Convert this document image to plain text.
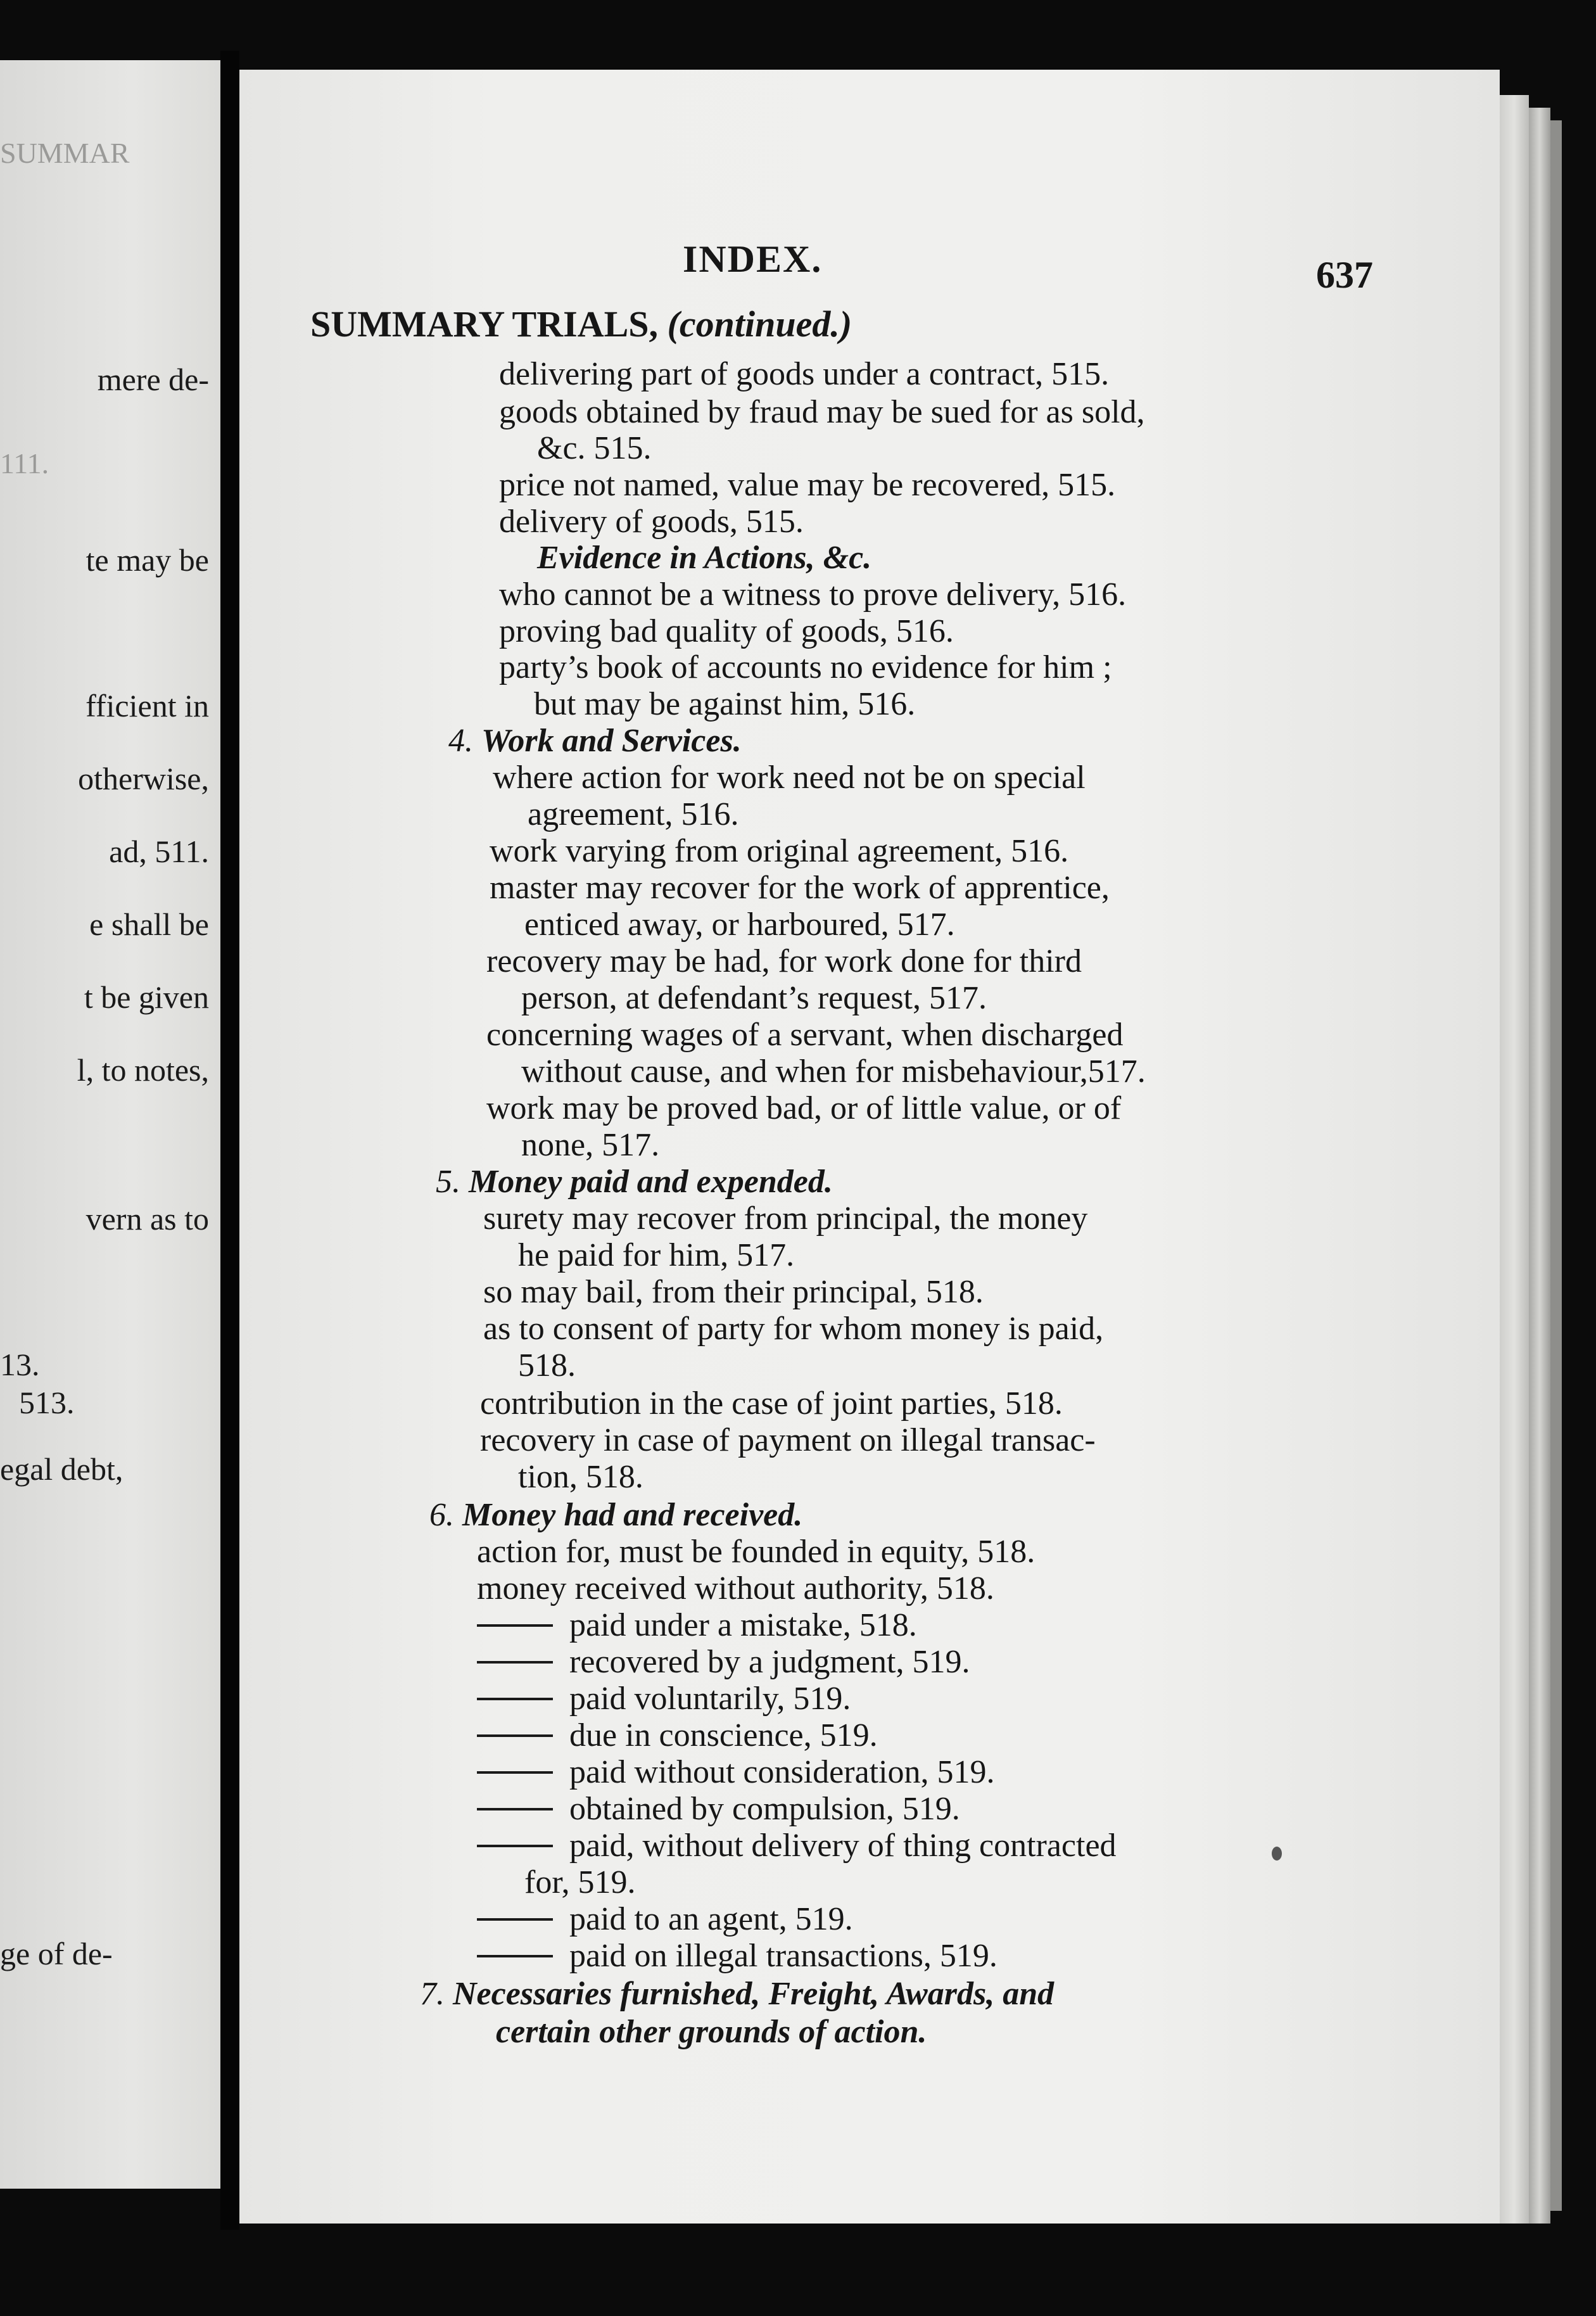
SUMMAR
mere de-
111.
te may be
fficient in
otherwise,
ad, 511.
e shall be
t be given
l, to notes,
vern as to
13.
513.
egal debt,
ge of de-
INDEX.	637
SUMMARY TRIALS, (continued.)
delivering part of goods under a contract, 515.
goods obtained by fraud may be sued for as sold,
&c. 515.
price not named, value may be recovered, 515.
delivery of goods, 515.
Evidence in Actions, &c.
who cannot be a witness to prove delivery, 516.
proving bad quality of goods, 516.
party’s book of accounts no evidence for him ;
but may be against him, 516.
4. Work and Services.
where action for work need not be on special
agreement, 516.
work varying from original agreement, 516.
master may recover for the work of apprentice,
enticed away, or harboured, 517.
recovery may be had, for work done for third
person, at defendant’s request, 517.
concerning wages of a servant, when discharged
without cause, and when for misbehaviour,517.
work may be proved bad, or of little value, or of
none, 517.
5. Money paid and expended.
surety may recover from principal, the money
he paid for him, 517.
so may bail, from their principal, 518.
as to consent of party for whom money is paid,
518.
contribution in the case of joint parties, 518.
recovery in case of payment on illegal transac-
tion, 518.
6. Money had and received.
action for, must be founded in equity, 518.
money received without authority, 518.
paid under a mistake, 518.
recovered by a judgment, 519.
paid voluntarily, 519.
due in conscience, 519.
paid without consideration, 519.
obtained by compulsion, 519.
paid, without delivery of thing contracted
for, 519.
paid to an agent, 519.
paid on illegal transactions, 519.
7. Necessaries furnished, Freight, Awards, and
certain other grounds of action.
